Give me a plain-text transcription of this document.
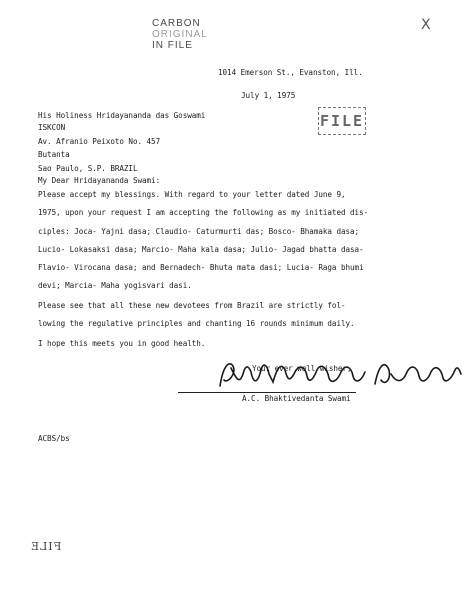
CARBON
ORIGINAL
IN FILE
X
1014 Emerson St., Evanston, Ill.
July 1, 1975
His Holiness Hridayananda das Goswami
ISKCON
Av. Afranio Peixoto No. 457
Butanta
Sao Paulo, S.P. BRAZIL
FILE
My Dear Hridayananda Swami:
Please accept my blessings. With regard to your letter dated June 9,
1975, upon your request I am accepting the following as my initiated dis-
ciples: Joca- Yajni dasa; Claudio- Caturmurti das; Bosco- Bhamaka dasa;
Lucio- Lokasaksi dasa; Marcio- Maha kala dasa; Julio- Jagad bhatta dasa-
Flavio- Virocana dasa; and Bernadech- Bhuta mata dasi; Lucia- Raga bhumi
devi; Marcia- Maha yogisvari dasi.
Please see that all these new devotees from Brazil are strictly fol-
lowing the regulative principles and chanting 16 rounds minimum daily.
I hope this meets you in good health.
Your ever well wisher,
A.C. Bhaktivedanta Swami
ACBS/bs
FILE
